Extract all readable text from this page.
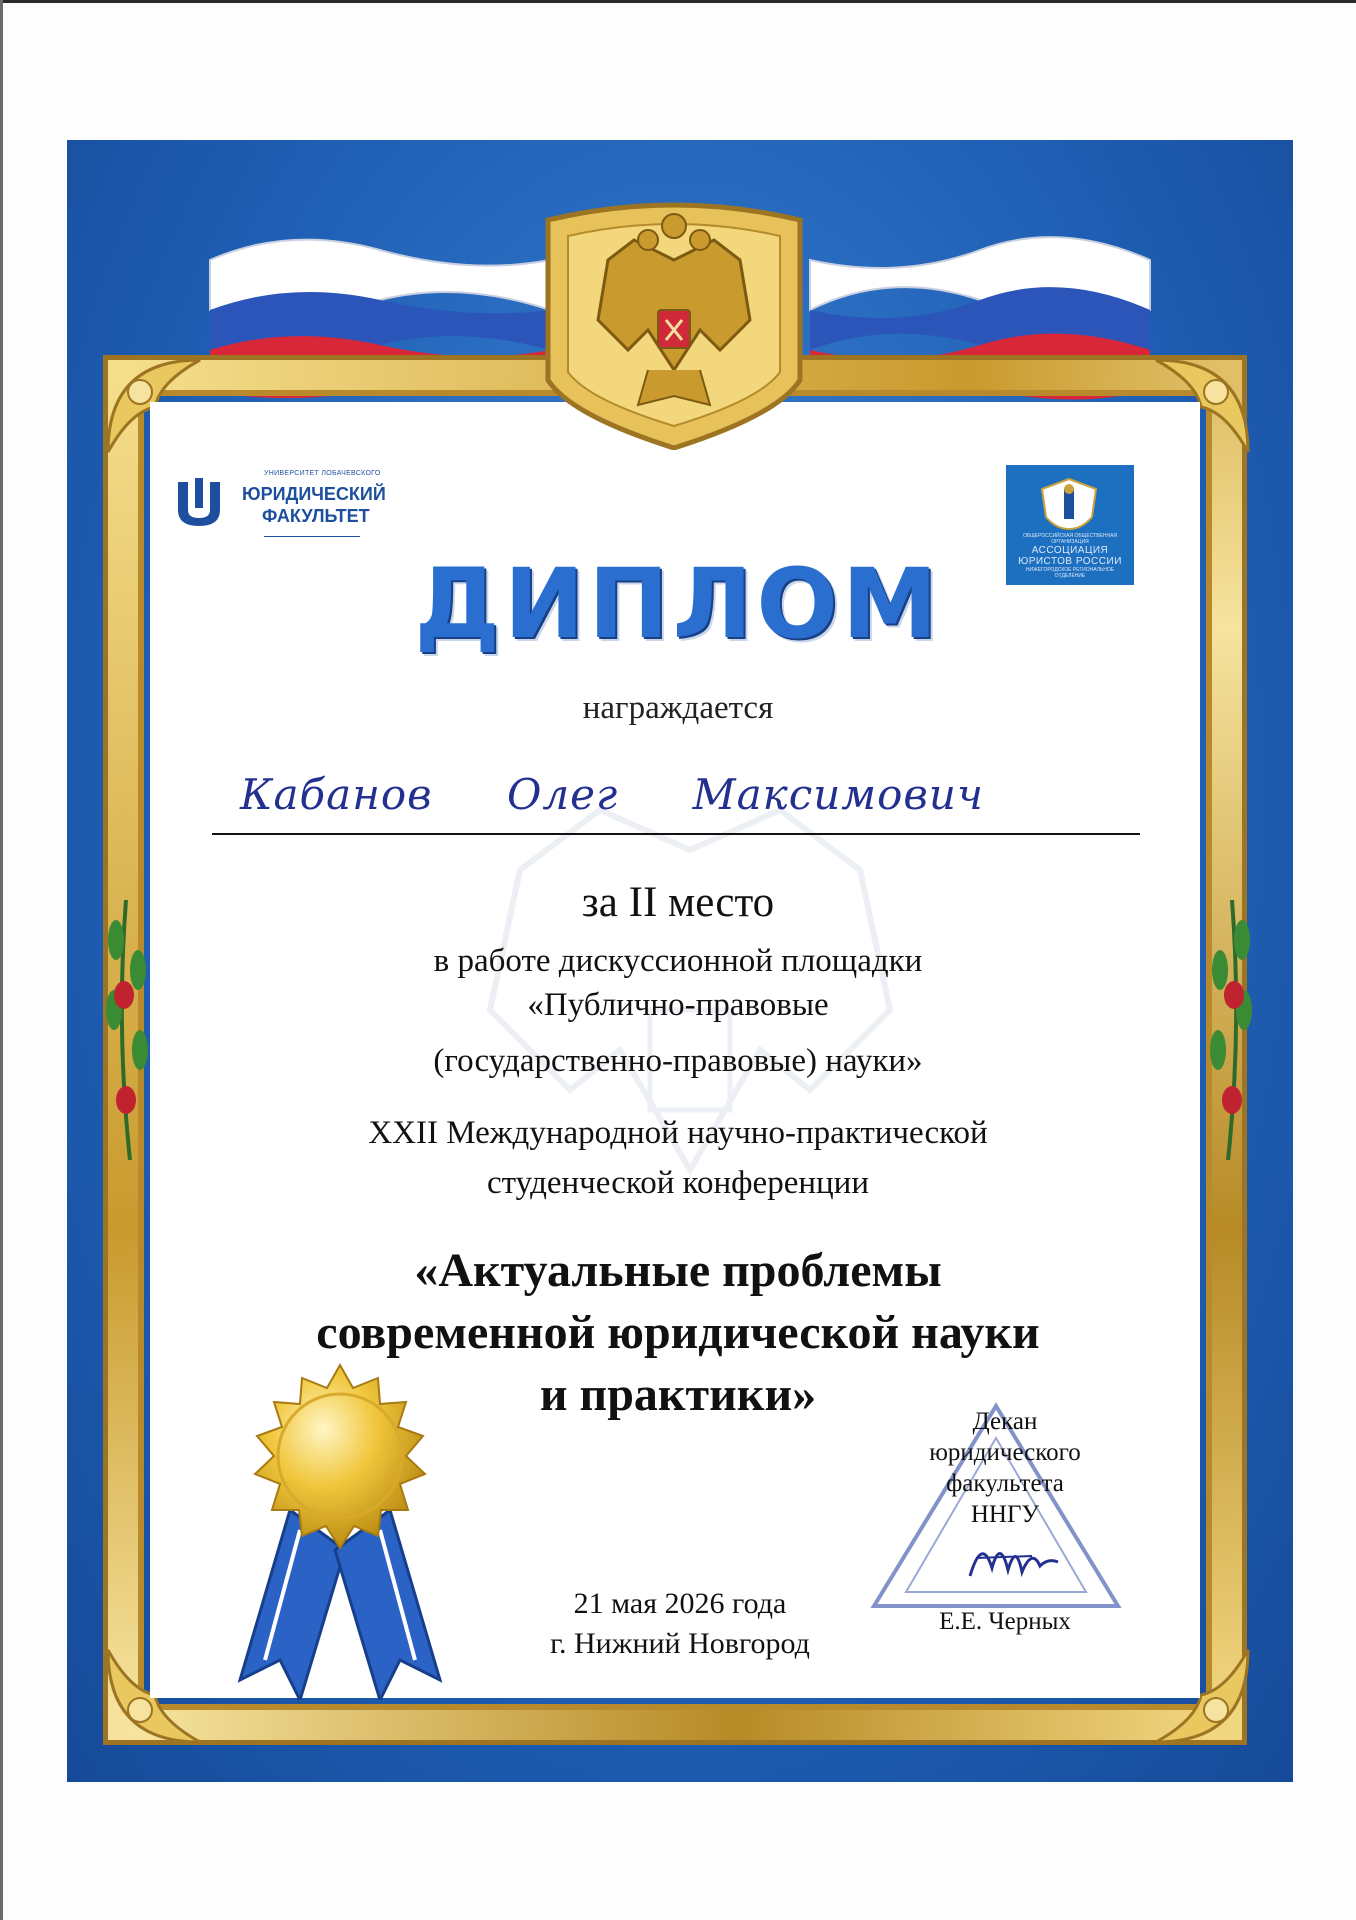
УНИВЕРСИТЕТ ЛОБАЧЕВСКОГО
ЮРИДИЧЕСКИЙ
ФАКУЛЬТЕТ
ОБЩЕРОССИЙСКАЯ ОБЩЕСТВЕННАЯ ОРГАНИЗАЦИЯ
АССОЦИАЦИЯ
ЮРИСТОВ РОССИИ
НИЖЕГОРОДСКОЕ РЕГИОНАЛЬНОЕ ОТДЕЛЕНИЕ
ДИПЛОМ
награждается
Кабанов Олег Максимович
за II место
в работе дискуссионной площадки
«Публично-правовые
(государственно-правовые) науки»
XXII Международной научно-практической
студенческой конференции
«Актуальные проблемы
современной юридической науки
и практики»
21 мая 2026 года
г. Нижний Новгород
Декан
юридического
факультета
ННГУ
Е.Е. Черных
